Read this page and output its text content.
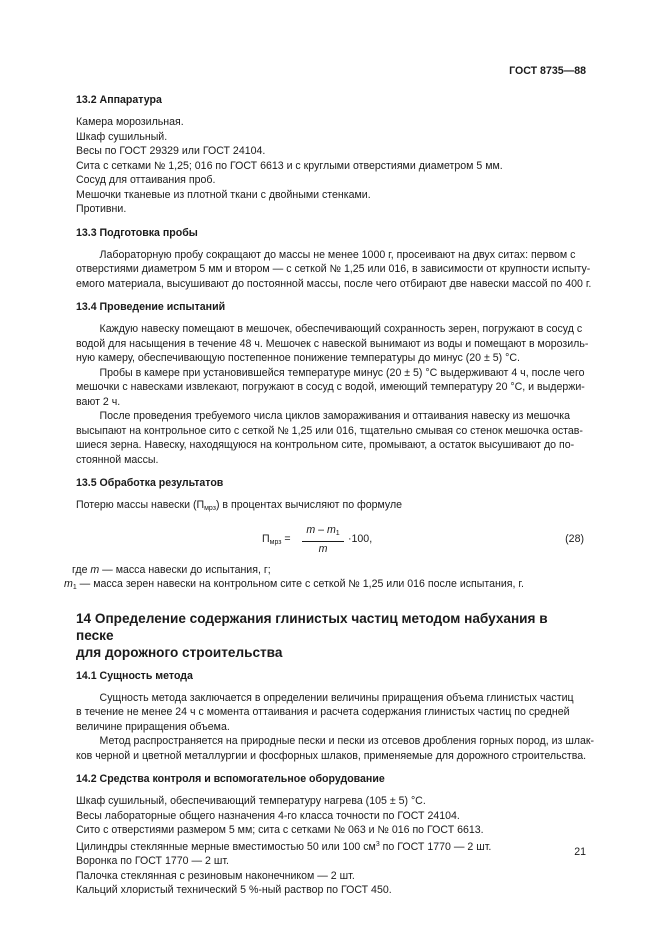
ГОСТ 8735—88
13.2 Аппаратура
Камера морозильная.
Шкаф сушильный.
Весы по ГОСТ 29329 или ГОСТ 24104.
Сита с сетками № 1,25; 016 по ГОСТ 6613 и с круглыми отверстиями диаметром 5 мм.
Сосуд для оттаивания проб.
Мешочки тканевые из плотной ткани с двойными стенками.
Противни.
13.3 Подготовка пробы
Лабораторную пробу сокращают до массы не менее 1000 г, просеивают на двух ситах: первом с
отверстиями диаметром 5 мм и втором — с сеткой № 1,25 или 016, в зависимости от крупности испыту-
емого материала, высушивают до постоянной массы, после чего отбирают две навески массой по 400 г.
13.4 Проведение испытаний
Каждую навеску помещают в мешочек, обеспечивающий сохранность зерен, погружают в сосуд с
водой для насыщения в течение 48 ч. Мешочек с навеской вынимают из воды и помещают в морозиль-
ную камеру, обеспечивающую постепенное понижение температуры до минус (20 ± 5) °С.
Пробы в камере при установившейся температуре минус (20 ± 5) °С выдерживают 4 ч, после чего
мешочки с навесками извлекают, погружают в сосуд с водой, имеющий температуру 20 °С, и выдержи-
вают 2 ч.
После проведения требуемого числа циклов замораживания и оттаивания навеску из мешочка
высыпают на контрольное сито с сеткой № 1,25 или 016, тщательно смывая со стенок мешочка остав-
шиеся зерна. Навеску, находящуюся на контрольном сите, промывают, а остаток высушивают до по-
стоянной массы.
13.5 Обработка результатов
Потерю массы навески $(П_{мрз})$ в процентах вычисляют по формуле
$П_{мрз} = \frac{m - m_1}{m} \cdot 100$,	(28)
где m — масса навески до испытания, г;
$m_1$ — масса зерен навески на контрольном сите с сеткой № 1,25 или 016 после испытания, г.
14 Определение содержания глинистых частиц методом набухания в песке
для дорожного строительства
14.1 Сущность метода
Сущность метода заключается в определении величины приращения объема глинистых частиц
в течение не менее 24 ч с момента оттаивания и расчета содержания глинистых частиц по средней
величине приращения объема.
Метод распространяется на природные пески и пески из отсевов дробления горных пород, из шлак-
ков черной и цветной металлургии и фосфорных шлаков, применяемые для дорожного строительства.
14.2 Средства контроля и вспомогательное оборудование
Шкаф сушильный, обеспечивающий температуру нагрева (105 ± 5) °С.
Весы лабораторные общего назначения 4-го класса точности по ГОСТ 24104.
Сито с отверстиями размером 5 мм; сита с сетками № 063 и № 016 по ГОСТ 6613.
Цилиндры стеклянные мерные вместимостью 50 или 100 $см^3$ по ГОСТ 1770 — 2 шт.
Воронка по ГОСТ 1770 — 2 шт.
Палочка стеклянная с резиновым наконечником — 2 шт.
Кальций хлористый технический 5 %-ный раствор по ГОСТ 450.
21
